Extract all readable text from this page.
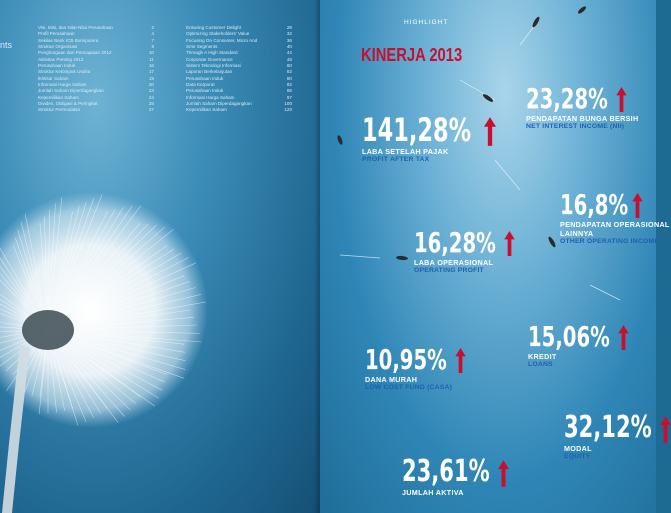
nts
Visi, Misi, dan Nilai-Nilai Perusahaan	2
Profil Perusahaan	4
Sekilas Bank ICB Bumiputera	7
Struktur Organisasi	8
Penghargaan dan Pencapaian 2012	10
Aktivitas Penting 2012	11
Perusahaan Induk	16
Struktur Kelompok Usaha	17
Ikhtisar Saham	19
Informasi Harga Saham	20
Jumlah Saham Diperdagangkan	23
Kepemilikan Saham	24
Dividen, Obligasi & Peringkat	25
Struktur Permodalan	27
Ensuring Customer Delight	28
Optimizing Stakeholders' Value	32
Focusing On Consumer, Micro And	36
Sme Segments	40
Through A High Standard	44
Corporate Governance	48
Sistem Teknologi Informasi	60
Laporan Berkelanjutan	62
Perusahaan Induk	80
Data Korporat	82
Perusahaan Induk	86
Informasi Harga Saham	97
Jumlah Saham Diperdagangkan	100
Kepemilikan Saham	120
HIGHLIGHT
KINERJA 2013
141,28%
LABA SETELAH PAJAK
PROFIT AFTER TAX
23,28%
PENDAPATAN BUNGA BERSIH
NET INTEREST INCOME (NII)
16,28%
LABA OPERASIONAL
OPERATING PROFIT
16,8%
PENDAPATAN OPERASIONAL
LAINNYA
OTHER OPERATING INCOME
10,95%
DANA MURAH
LOW COST FUND (CASA)
15,06%
KREDIT
LOANS
32,12%
MODAL
EQUITY
23,61%
JUMLAH AKTIVA
